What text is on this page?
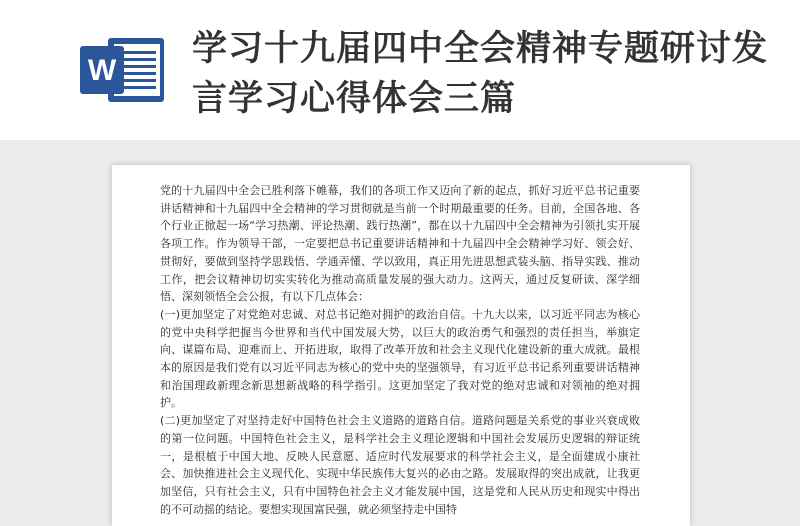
W
学习十九届四中全会精神专题研讨发言学习心得体会三篇

党的十九届四中全会已胜利落下帷幕，我们的各项工作又迈向了新的起点，抓好习近平总书记重要讲话精神和十九届四中全会精神的学习贯彻就是当前一个时期最重要的任务。目前，全国各地、各个行业正掀起一场“学习热潮、评论热潮、践行热潮”，都在以十九届四中全会精神为引领扎实开展各项工作。作为领导干部，一定要把总书记重要讲话精神和十九届四中全会精神学习好、领会好、贯彻好，要做到坚持学思践悟、学通弄懂、学以致用，真正用先进思想武装头脑、指导实践、推动工作，把会议精神切切实实转化为推动高质量发展的强大动力。这两天，通过反复研读、深学细悟、深刻领悟全会公报，有以下几点体会：

(一)更加坚定了对党绝对忠诚、对总书记绝对拥护的政治自信。十九大以来，以习近平同志为核心的党中央科学把握当今世界和当代中国发展大势，以巨大的政治勇气和强烈的责任担当，举旗定向、谋篇布局、迎难而上、开拓进取，取得了改革开放和社会主义现代化建设新的重大成就。最根本的原因是我们党有以习近平同志为核心的党中央的坚强领导，有习近平总书记系列重要讲话精神和治国理政新理念新思想新战略的科学指引。这更加坚定了我对党的绝对忠诚和对领袖的绝对拥护。

(二)更加坚定了对坚持走好中国特色社会主义道路的道路自信。道路问题是关系党的事业兴衰成败的第一位问题。中国特色社会主义，是科学社会主义理论逻辑和中国社会发展历史逻辑的辩证统一，是根植于中国大地、反映人民意愿、适应时代发展要求的科学社会主义，是全面建成小康社会、加快推进社会主义现代化、实现中华民族伟大复兴的必由之路。发展取得的突出成就，让我更加坚信，只有社会主义，只有中国特色社会主义才能发展中国，这是党和人民从历史和现实中得出的不可动摇的结论。要想实现国富民强，就必须坚持走中国特
